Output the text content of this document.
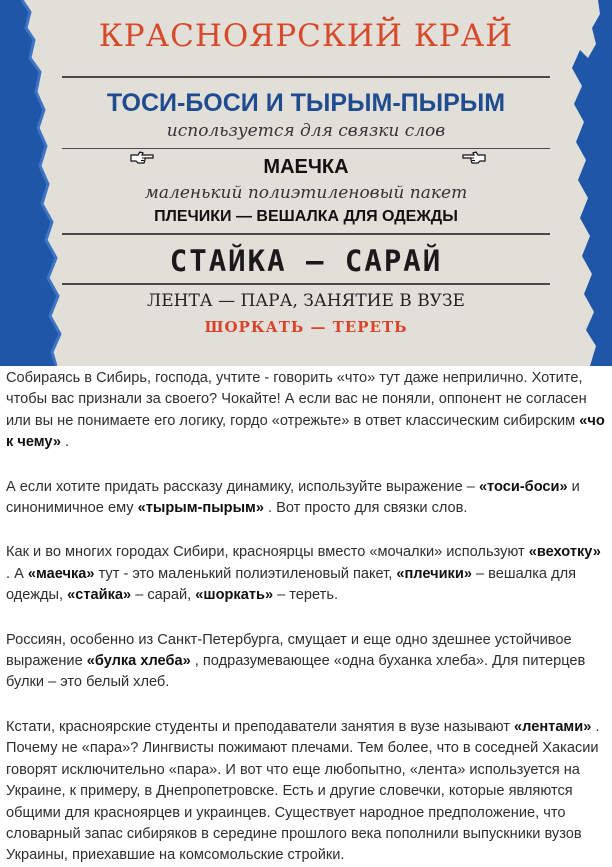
КРАСНОЯРСКИЙ КРАЙ
ТОСИ-БОСИ И ТЫРЫМ-ПЫРЫМ
используется для связки слов
МАЕЧКА
маленький полиэтиленовый пакет
ПЛЕЧИКИ — ВЕШАЛКА ДЛЯ ОДЕЖДЫ
СТАЙКА — САРАЙ
ЛЕНТА — ПАРА, ЗАНЯТИЕ В ВУЗЕ
ШОРКАТЬ — ТЕРЕТЬ

Собираясь в Сибирь, господа, учтите - говорить «что» тут даже неприлично. Хотите, чтобы вас признали за своего? Чокайте! А если вас не поняли, оппонент не согласен или вы не понимаете его логику, гордо «отрежьте» в ответ классическим сибирским «чо к чему» .

А если хотите придать рассказу динамику, используйте выражение – «тоси-боси» и синонимичное ему «тырым-пырым» . Вот просто для связки слов.

Как и во многих городах Сибири, красноярцы вместо «мочалки» используют «вехотку» . А «маечка» тут - это маленький полиэтиленовый пакет, «плечики» – вешалка для одежды, «стайка» – сарай, «шоркать» – тереть.

Россиян, особенно из Санкт-Петербурга, смущает и еще одно здешнее устойчивое выражение «булка хлеба» , подразумевающее «одна буханка хлеба». Для питерцев булки – это белый хлеб.

Кстати, красноярские студенты и преподаватели занятия в вузе называют «лентами» . Почему не «пара»? Лингвисты пожимают плечами. Тем более, что в соседней Хакасии говорят исключительно «пара». И вот что еще любопытно, «лента» используется на Украине, к примеру, в Днепропетровске. Есть и другие словечки, которые являются общими для красноярцев и украинцев. Существует народное предположение, что словарный запас сибиряков в середине прошлого века пополнили выпускники вузов Украины, приехавшие на комсомольские стройки.
